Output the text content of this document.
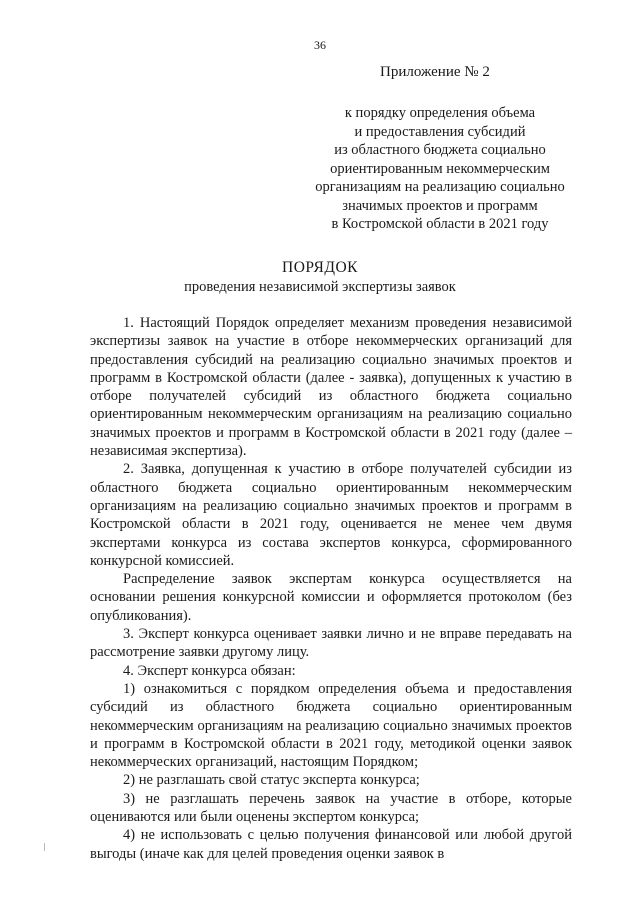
36
Приложение № 2
к порядку определения объема
и предоставления субсидий
из областного бюджета социально
ориентированным некоммерческим
организациям на реализацию социально
значимых проектов и программ
в Костромской области в 2021 году
ПОРЯДОК
проведения независимой экспертизы заявок

1. Настоящий Порядок определяет механизм проведения независимой экспертизы заявок на участие в отборе некоммерческих организаций для предоставления субсидий на реализацию социально значимых проектов и программ в Костромской области (далее - заявка), допущенных к участию в отборе получателей субсидий из областного бюджета социально ориентированным некоммерческим организациям на реализацию социально значимых проектов и программ в Костромской области в 2021 году (далее – независимая экспертиза).

2. Заявка, допущенная к участию в отборе получателей субсидии из областного бюджета социально ориентированным некоммерческим организациям на реализацию социально значимых проектов и программ в Костромской области в 2021 году, оценивается не менее чем двумя экспертами конкурса из состава экспертов конкурса, сформированного конкурсной комиссией.

Распределение заявок экспертам конкурса осуществляется на основании решения конкурсной комиссии и оформляется протоколом (без опубликования).

3. Эксперт конкурса оценивает заявки лично и не вправе передавать на рассмотрение заявки другому лицу.

4. Эксперт конкурса обязан:

1) ознакомиться с порядком определения объема и предоставления субсидий из областного бюджета социально ориентированным некоммерческим организациям на реализацию социально значимых проектов и программ в Костромской области в 2021 году, методикой оценки заявок некоммерческих организаций, настоящим Порядком;

2) не разглашать свой статус эксперта конкурса;

3) не разглашать перечень заявок на участие в отборе, которые оцениваются или были оценены экспертом конкурса;

4) не использовать с целью получения финансовой или любой другой выгоды (иначе как для целей проведения оценки заявок в
